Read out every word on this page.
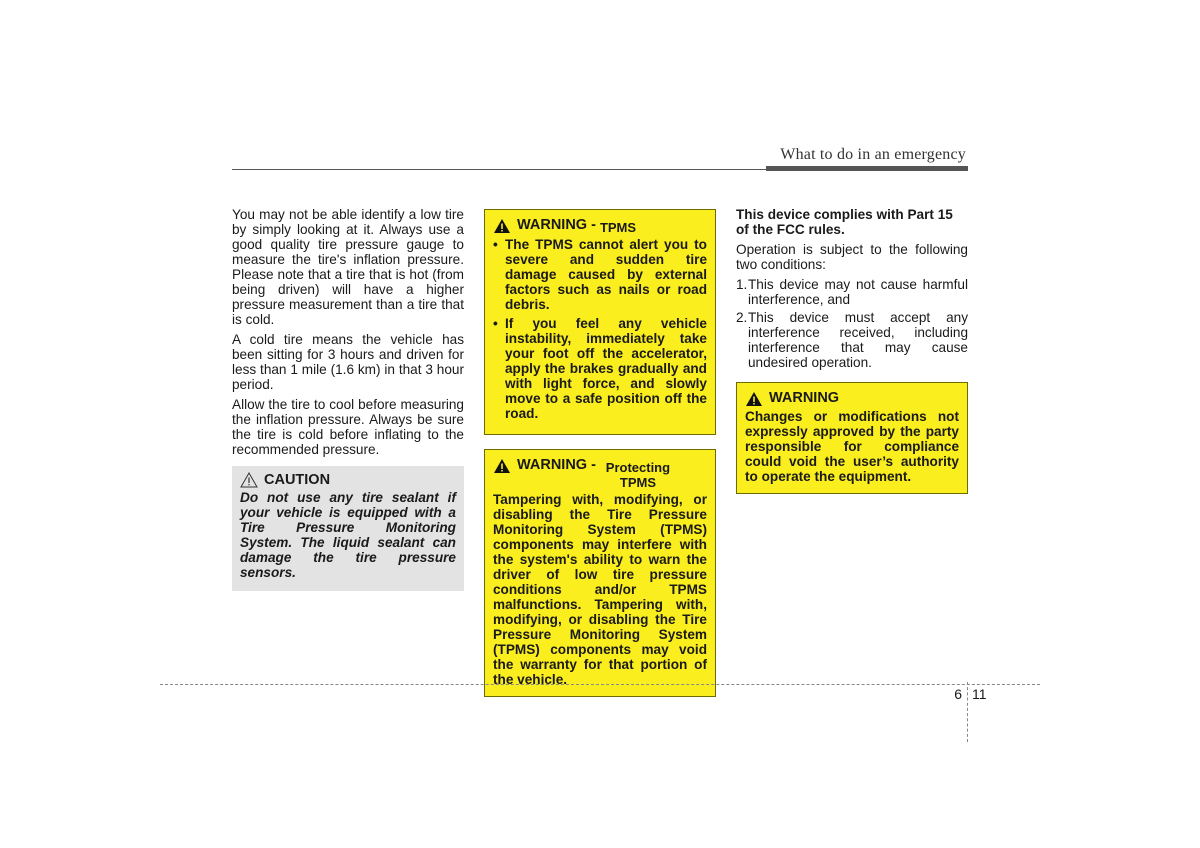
What to do in an emergency

You may not be able identify a low tire by simply looking at it. Always use a good quality tire pressure gauge to measure the tire's inflation pressure. Please note that a tire that is hot (from being driven) will have a higher pressure measurement than a tire that is cold.

A cold tire means the vehicle has been sitting for 3 hours and driven for less than 1 mile (1.6 km) in that 3 hour period.

Allow the tire to cool before measuring the inflation pressure. Always be sure the tire is cold before inflating to the recommended pressure.

CAUTION
Do not use any tire sealant if your vehicle is equipped with a Tire Pressure Monitoring System. The liquid sealant can damage the tire pressure sensors.
WARNING - TPMS
• The TPMS cannot alert you to severe and sudden tire damage caused by external factors such as nails or road debris.
• If you feel any vehicle instability, immediately take your foot off the accelerator, apply the brakes gradually and with light force, and slowly move to a safe position off the road.
WARNING - Protecting TPMS
Tampering with, modifying, or disabling the Tire Pressure Monitoring System (TPMS) components may interfere with the system's ability to warn the driver of low tire pressure conditions and/or TPMS malfunctions. Tampering with, modifying, or disabling the Tire Pressure Monitoring System (TPMS) components may void the warranty for that portion of the vehicle.

This device complies with Part 15 of the FCC rules.

Operation is subject to the following two conditions:

1. This device may not cause harmful interference, and
2. This device must accept any interference received, including interference that may cause undesired operation.
WARNING
Changes or modifications not expressly approved by the party responsible for compliance could void the user’s authority to operate the equipment.
6 11
